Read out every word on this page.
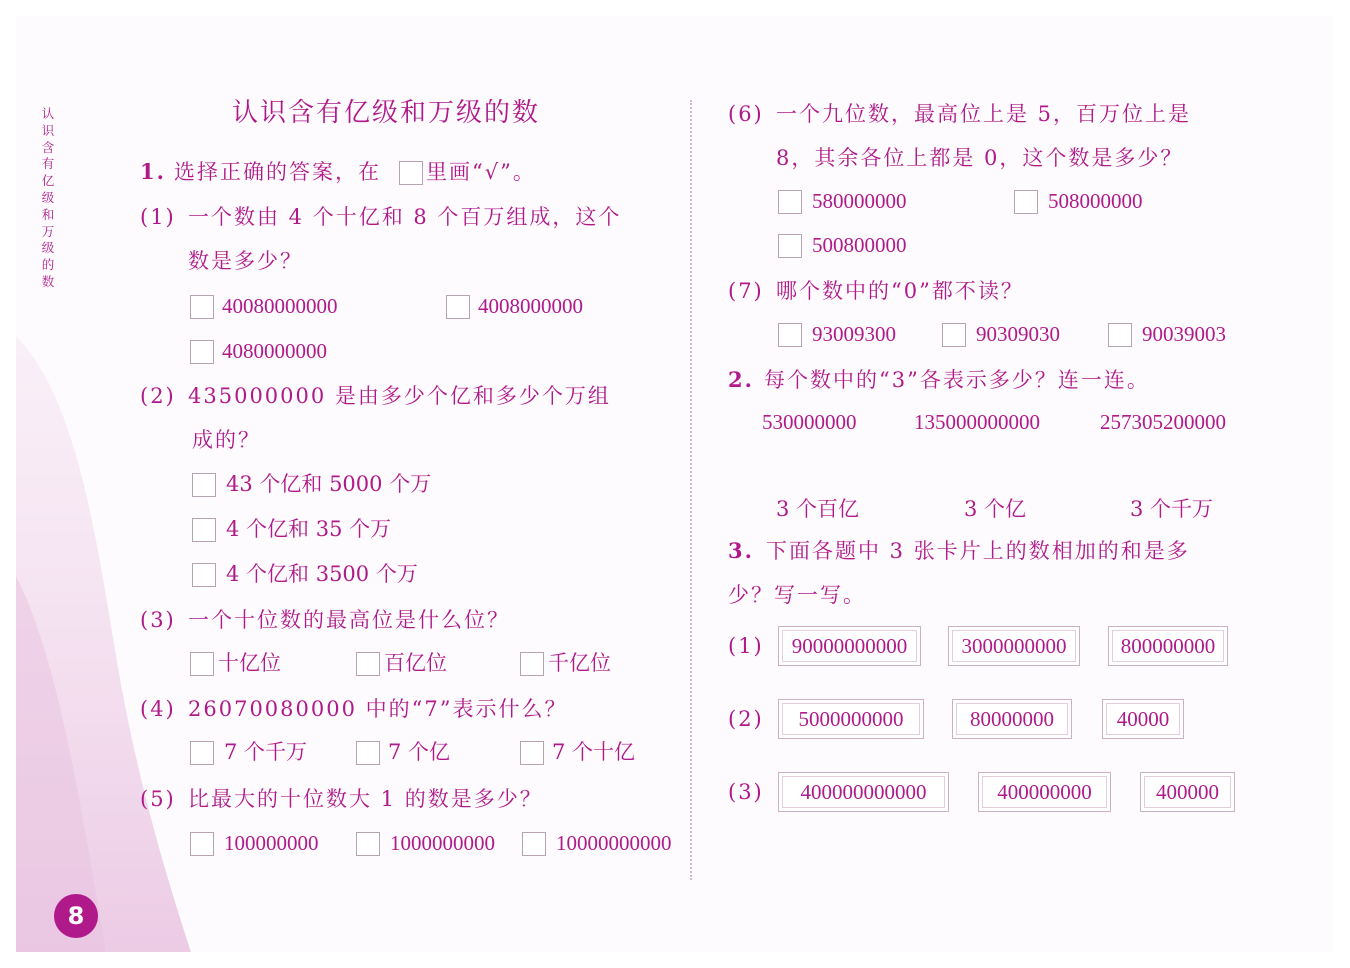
认识含有亿级和万级的数
8
认识含有亿级和万级的数
1. 选择正确的答案，在 里画“√”。
(1) 一个数由 4 个十亿和 8 个百万组成，这个
数是多少？
40080000000	4008000000
4080000000
(2) 435000000 是由多少个亿和多少个万组
成的？
43 个亿和 5000 个万
4 个亿和 35 个万
4 个亿和 3500 个万
(3) 一个十位数的最高位是什么位？
十亿位	百亿位	千亿位
(4) 26070080000 中的“7”表示什么？
7 个千万	7 个亿	7 个十亿
(5) 比最大的十位数大 1 的数是多少？
100000000	1000000000	10000000000
(6) 一个九位数，最高位上是 5，百万位上是
8，其余各位上都是 0，这个数是多少？
580000000	508000000
500800000
(7) 哪个数中的“0”都不读？
93009300	90309030	90039003
2. 每个数中的“3”各表示多少？连一连。
530000000	135000000000	257305200000
3 个百亿	3 个亿	3 个千万
3. 下面各题中 3 张卡片上的数相加的和是多
少？写一写。
(1)	90000000000	3000000000	800000000
(2)	5000000000	80000000	40000
(3)	400000000000	400000000	400000
